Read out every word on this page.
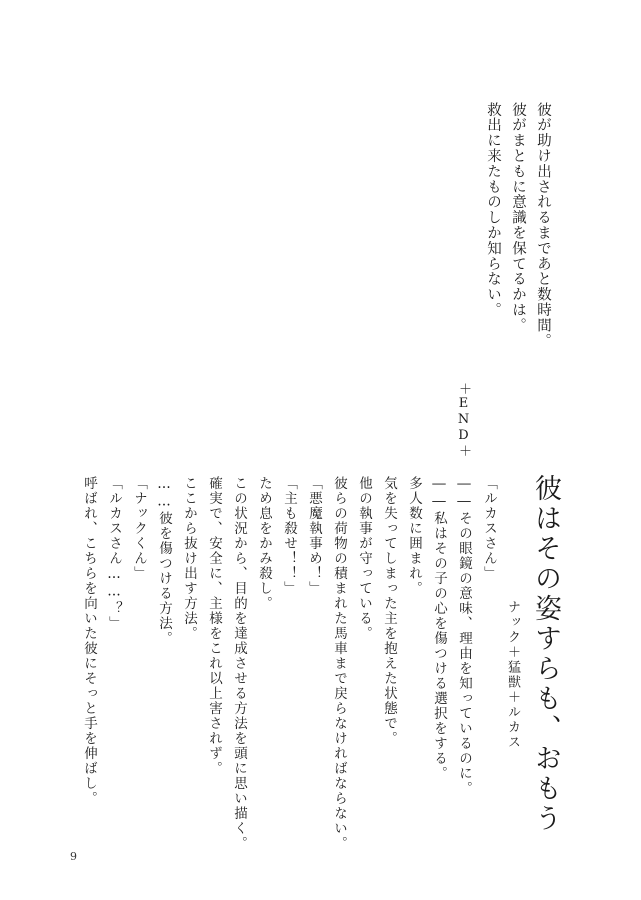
彼が助け出されるまであと数時間。
彼がまともに意識を保てるかは。
救出に来たものしか知らない。
＋END＋
彼はその姿すらも、おもう
ナック＋猛獣＋ルカス
「ルカスさん」
――その眼鏡の意味、理由を知っているのに。
――私はその子の心を傷つける選択をする。
多人数に囲まれ。
気を失ってしまった主を抱えた状態で。
他の執事が守っている。
彼らの荷物の積まれた馬車まで戻らなければならない。
「悪魔執事め！」
「主も殺せ！！」
ため息をかみ殺し。
この状況から、目的を達成させる方法を頭に思い描く。
確実で、安全に、主様をこれ以上害されず。
ここから抜け出す方法。
……彼を傷つける方法。
「ナックくん」
「ルカスさん……？」
呼ばれ、こちらを向いた彼にそっと手を伸ばし。
9
